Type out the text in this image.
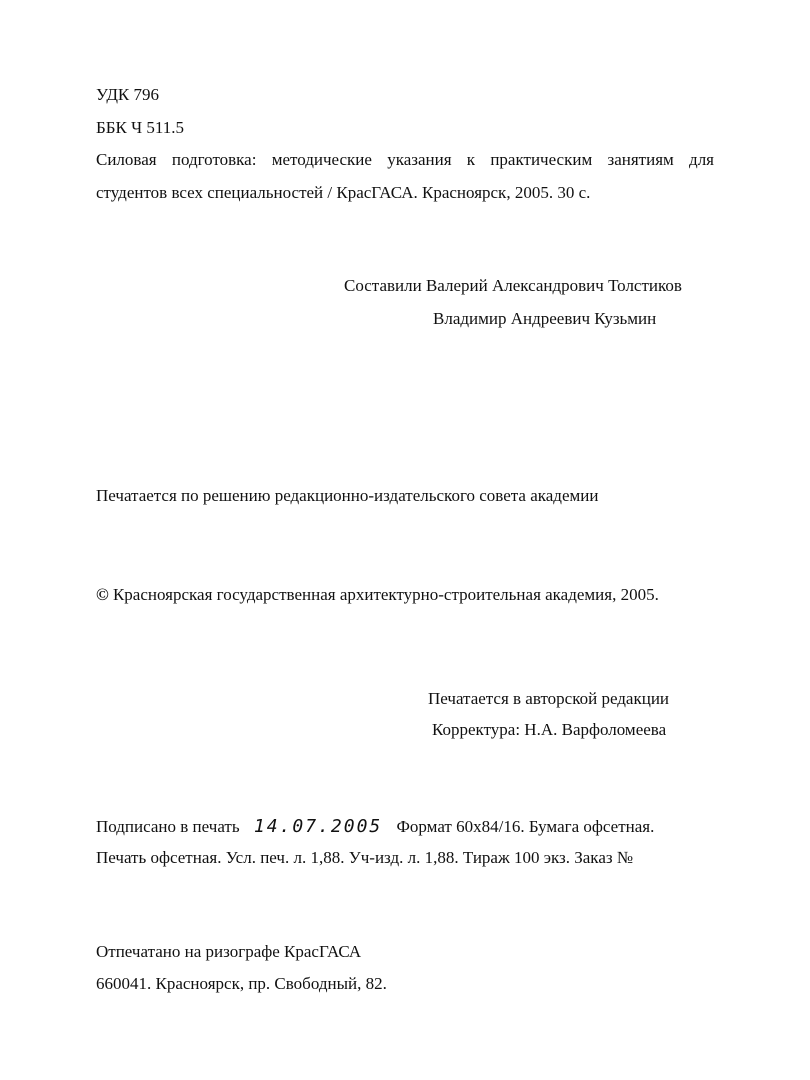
УДК 796
ББК Ч 511.5
Силовая подготовка: методические указания к практическим занятиям для
студентов всех специальностей / КрасГАСА. Красноярск, 2005. 30 с.
Составили Валерий Александрович Толстиков
Владимир Андреевич Кузьмин
Печатается по решению редакционно-издательского совета академии
© Красноярская государственная архитектурно-строительная академия, 2005.
Печатается в авторской редакции
Корректура: Н.А. Варфоломеева
Подписано в печать 14.07.2005 Формат 60x84/16. Бумага офсетная.
Печать офсетная. Усл. печ. л. 1,88. Уч-изд. л. 1,88. Тираж 100 экз. Заказ №
Отпечатано на ризографе КрасГАСА
660041. Красноярск, пр. Свободный, 82.
